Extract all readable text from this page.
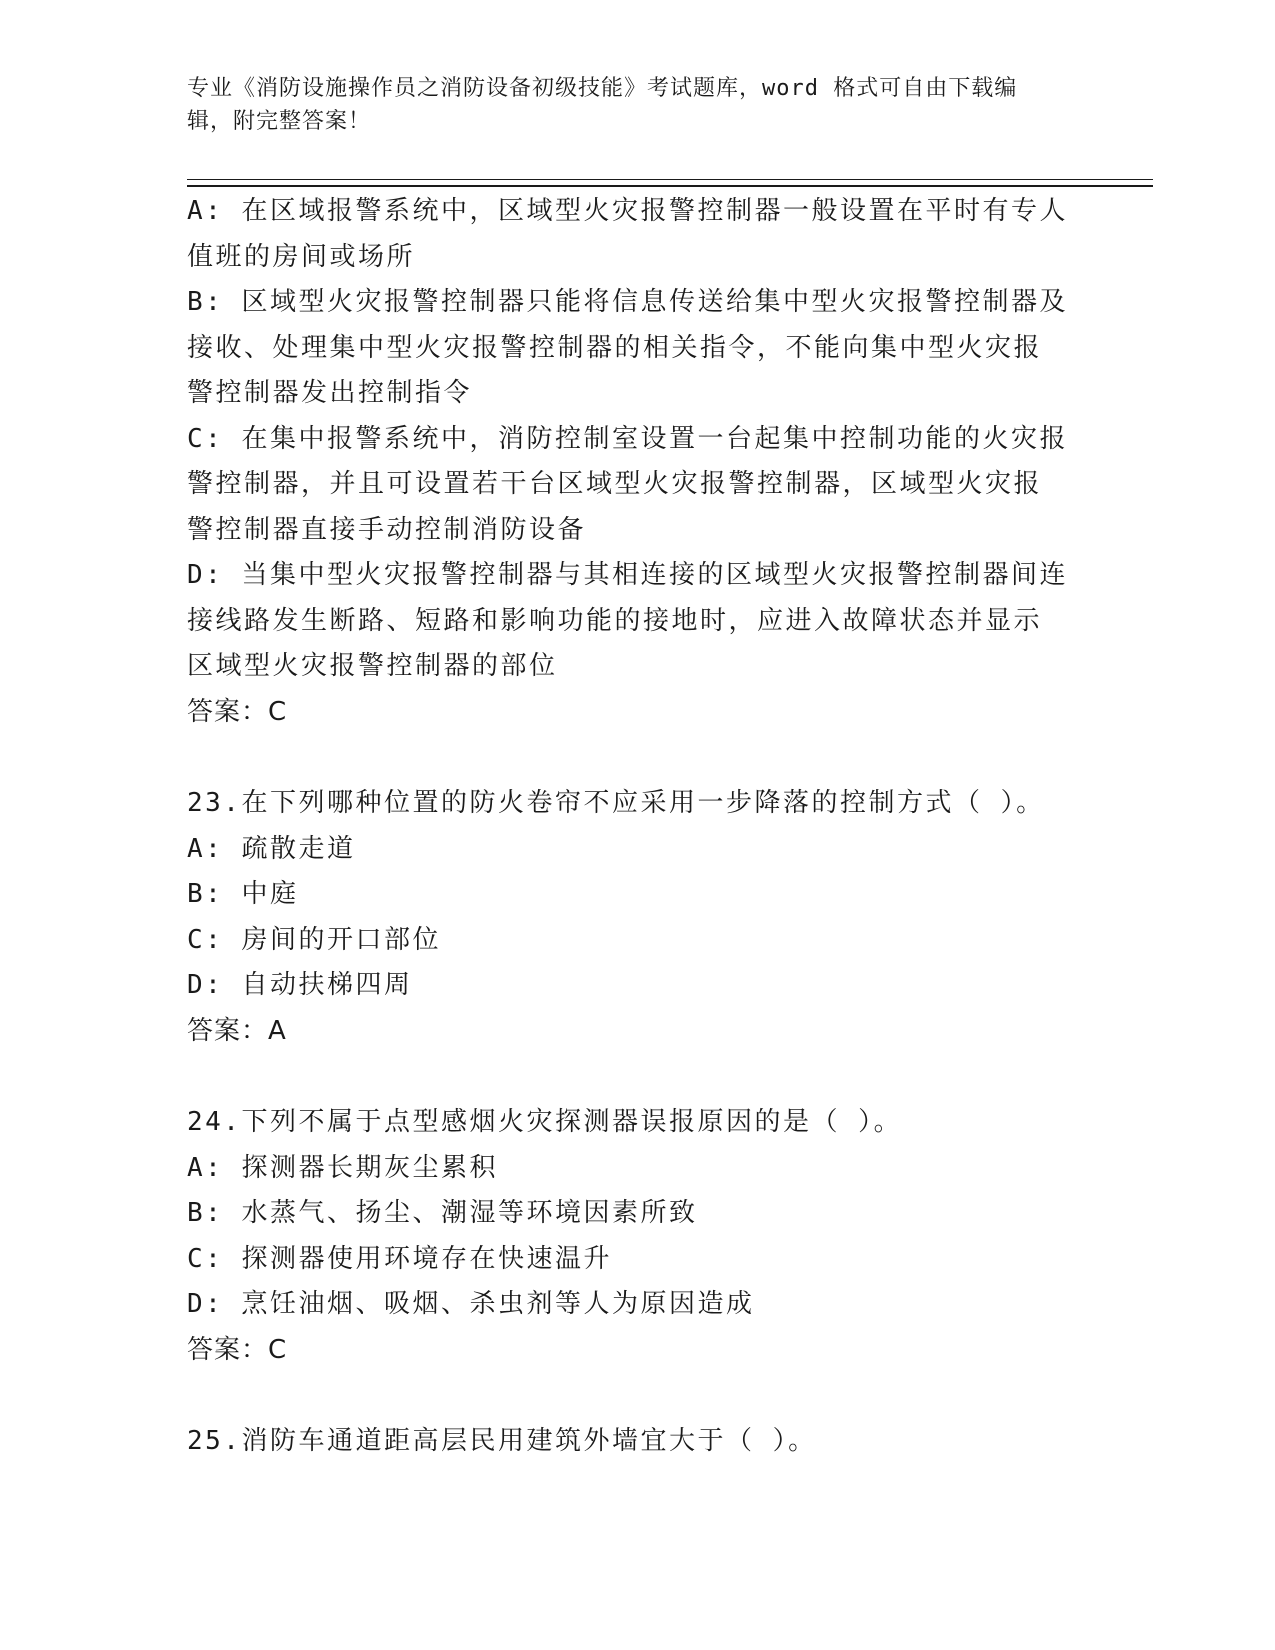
专业《消防设施操作员之消防设备初级技能》考试题库，word 格式可自由下载编
辑，附完整答案！
A: 在区域报警系统中，区域型火灾报警控制器一般设置在平时有专人
值班的房间或场所
B: 区域型火灾报警控制器只能将信息传送给集中型火灾报警控制器及
接收、处理集中型火灾报警控制器的相关指令，不能向集中型火灾报
警控制器发出控制指令
C: 在集中报警系统中，消防控制室设置一台起集中控制功能的火灾报
警控制器，并且可设置若干台区域型火灾报警控制器，区域型火灾报
警控制器直接手动控制消防设备
D: 当集中型火灾报警控制器与其相连接的区域型火灾报警控制器间连
接线路发生断路、短路和影响功能的接地时，应进入故障状态并显示
区域型火灾报警控制器的部位
答案：C
23.在下列哪种位置的防火卷帘不应采用一步降落的控制方式（ ）。
A: 疏散走道
B: 中庭
C: 房间的开口部位
D: 自动扶梯四周
答案：A
24.下列不属于点型感烟火灾探测器误报原因的是（ ）。
A: 探测器长期灰尘累积
B: 水蒸气、扬尘、潮湿等环境因素所致
C: 探测器使用环境存在快速温升
D: 烹饪油烟、吸烟、杀虫剂等人为原因造成
答案：C
25.消防车通道距高层民用建筑外墙宜大于（ ）。
